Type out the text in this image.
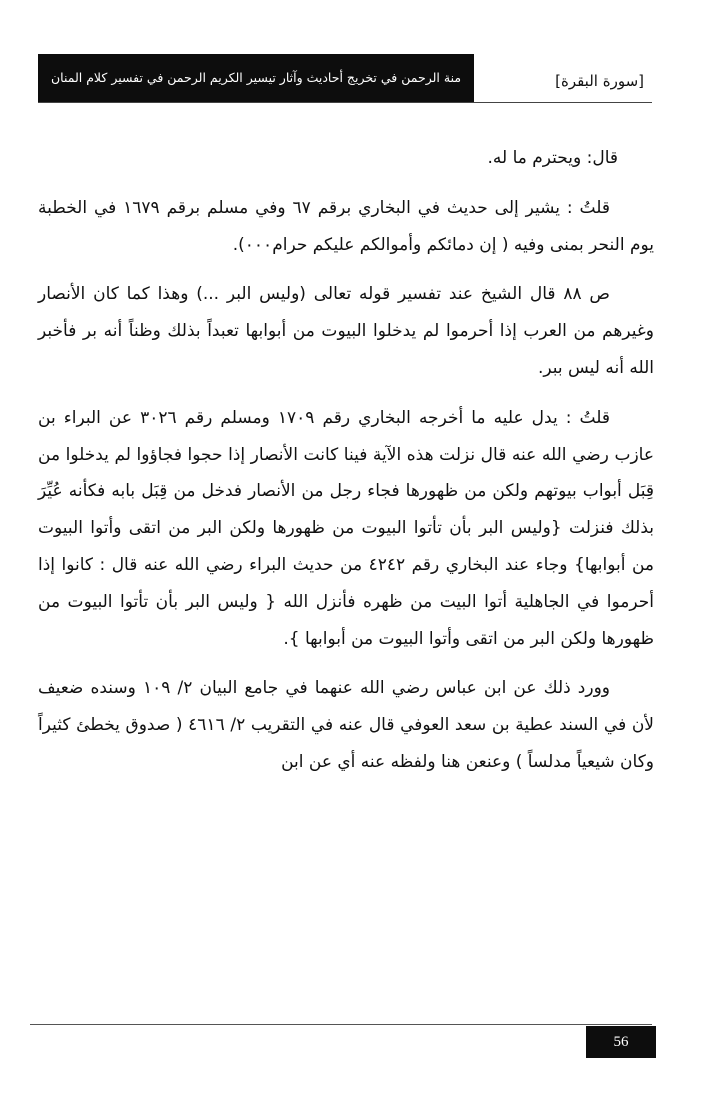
[سورة البقرة]
منة الرحمن في تخريج أحاديث وآثار تيسير الكريم الرحمن في تفسير كلام المنان

قال: ويحترم ما له.

قلتُ : يشير إلى حديث في البخاري برقم ٦٧ وفي مسلم برقم ١٦٧٩ في الخطبة يوم النحر بمنى وفيه ( إن دمائكم وأموالكم عليكم حرام٠٠٠).

ص ٨٨ قال الشيخ عند تفسير قوله تعالى (وليس البر ...) وهذا كما كان الأنصار وغيرهم من العرب إذا أحرموا لم يدخلوا البيوت من أبوابها تعبداً بذلك وظناً أنه بر فأخبر الله أنه ليس ببر.

قلتُ : يدل عليه ما أخرجه البخاري رقم ١٧٠٩ ومسلم رقم ٣٠٢٦ عن البراء بن عازب رضي الله عنه قال نزلت هذه الآية فينا كانت الأنصار إذا حجوا فجاؤوا لم يدخلوا من قِبَل أبواب بيوتهم ولكن من ظهورها فجاء رجل من الأنصار فدخل من قِبَل بابه فكأنه عُيِّرَ بذلك فنزلت {وليس البر بأن تأتوا البيوت من ظهورها ولكن البر من اتقى وأتوا البيوت من أبوابها} وجاء عند البخاري رقم ٤٢٤٢ من حديث البراء رضي الله عنه قال : كانوا إذا أحرموا في الجاهلية أتوا البيت من ظهره فأنزل الله { وليس البر بأن تأتوا البيوت من ظهورها ولكن البر من اتقى وأتوا البيوت من أبوابها }.

وورد ذلك عن ابن عباس رضي الله عنهما في جامع البيان ٢/ ١٠٩ وسنده ضعيف لأن في السند عطية بن سعد العوفي قال عنه في التقريب ٢/ ٤٦١٦ ( صدوق يخطئ كثيراً وكان شيعياً مدلساً ) وعنعن هنا ولفظه عنه أي عن ابن

56
